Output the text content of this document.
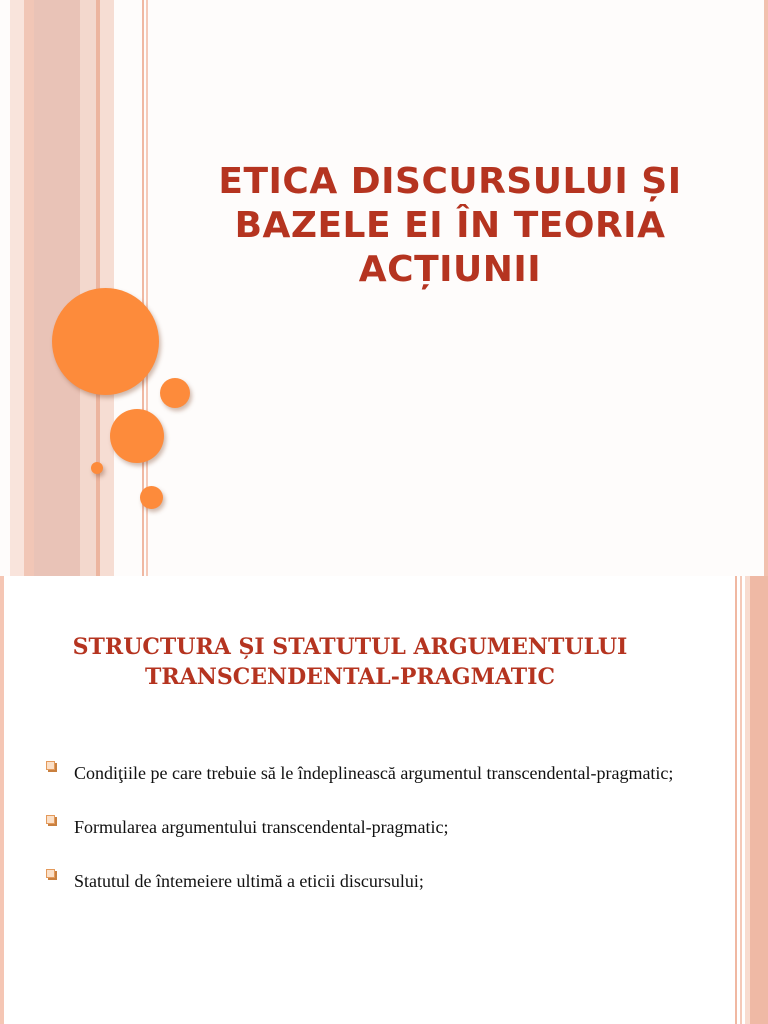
ETICA DISCURSULUI ȘI
BAZELE EI ÎN TEORIA
ACȚIUNII
STRUCTURA ȘI STATUTUL ARGUMENTULUI
TRANSCENDENTAL-PRAGMATIC
Condiţiile pe care trebuie să le îndeplinească argumentul transcendental-pragmatic;
Formularea argumentului transcendental-pragmatic;
Statutul de întemeiere ultimă a eticii discursului;
